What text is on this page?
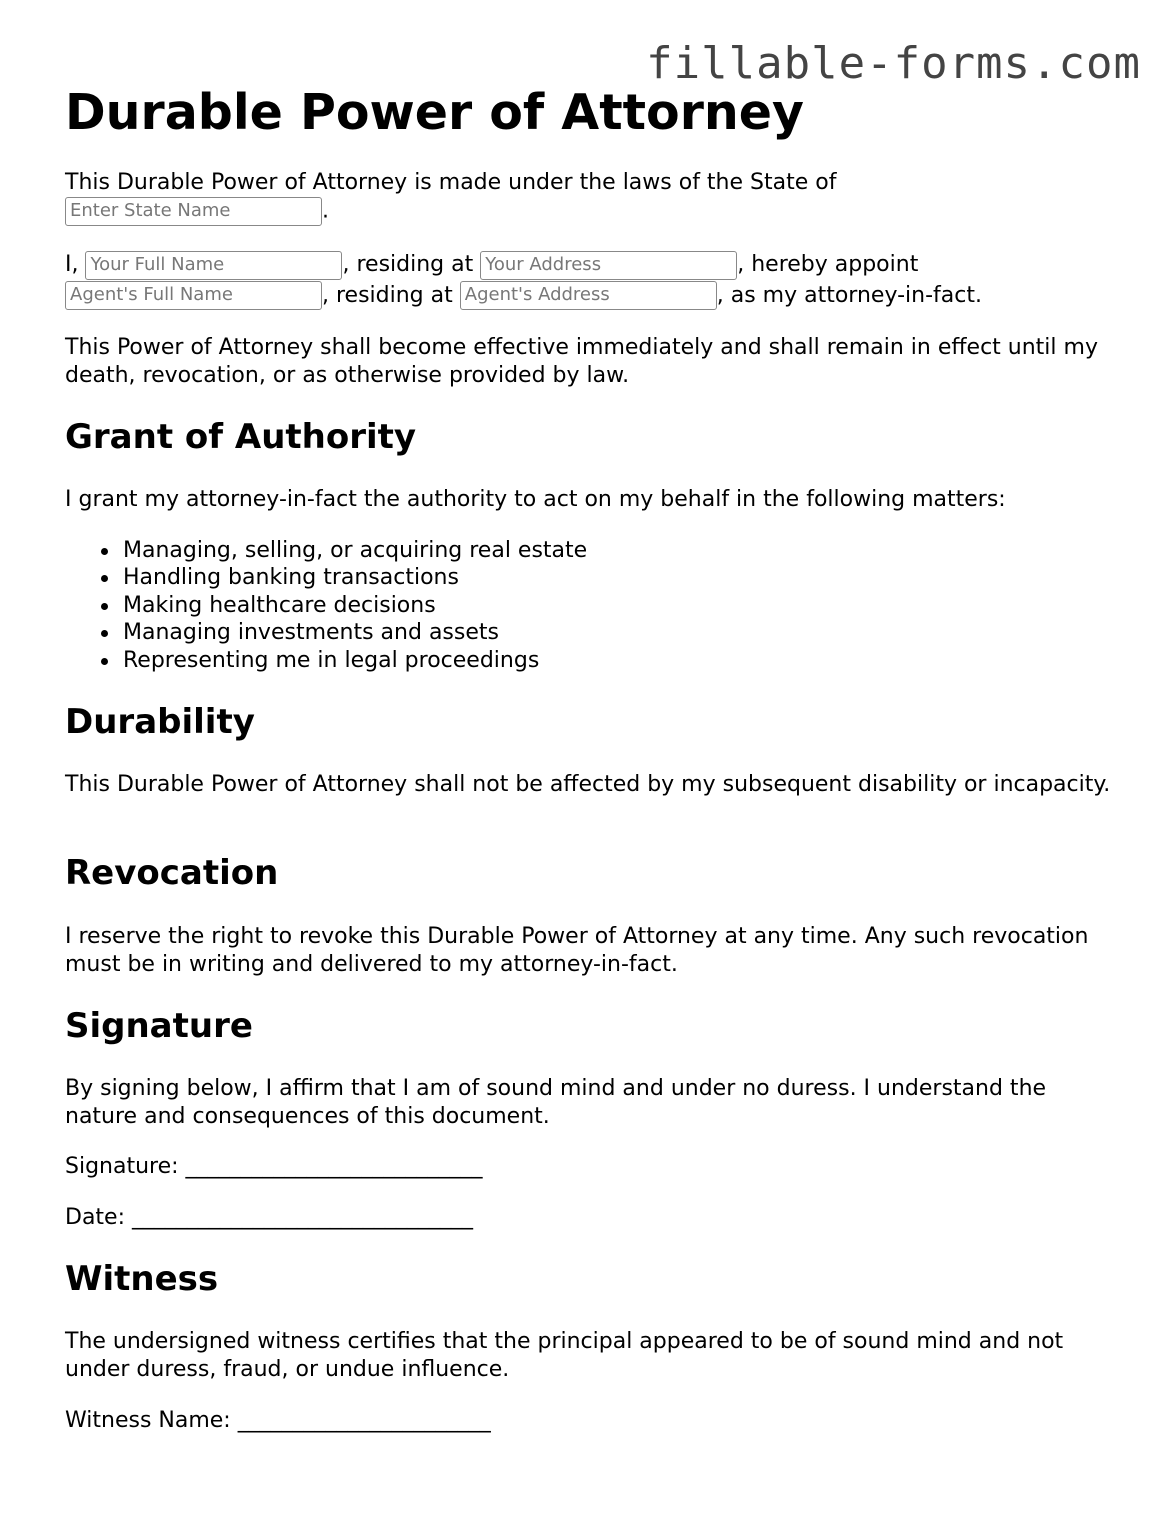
fillable-forms.com
Durable Power of Attorney

This Durable Power of Attorney is made under the laws of the State of
Enter State Name	.

I, Your Full Name	, residing at Your Address	, hereby appoint
Agent's Full Name	, residing at Agent's Address	, as my attorney-in-fact.

This Power of Attorney shall become effective immediately and shall remain in effect until my death, revocation, or as otherwise provided by law.

Grant of Authority

I grant my attorney-in-fact the authority to act on my behalf in the following matters:

Managing, selling, or acquiring real estate
Handling banking transactions
Making healthcare decisions
Managing investments and assets
Representing me in legal proceedings
Durability

This Durable Power of Attorney shall not be affected by my subsequent disability or incapacity.

Revocation

I reserve the right to revoke this Durable Power of Attorney at any time. Any such revocation must be in writing and delivered to my attorney-in-fact.

Signature

By signing below, I affirm that I am of sound mind and under no duress. I understand the nature and consequences of this document.

Signature: ___________________________

Date: _______________________________

Witness

The undersigned witness certifies that the principal appeared to be of sound mind and not under duress, fraud, or undue influence.

Witness Name: _______________________
